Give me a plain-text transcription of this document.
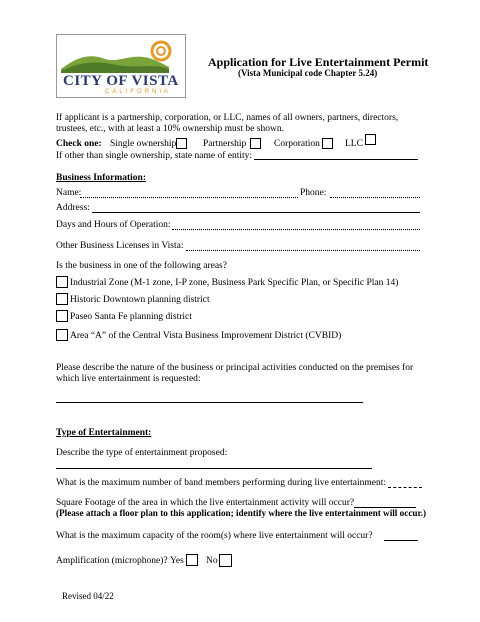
CITY OF VISTA
CALIFORNIA
Application for Live Entertainment Permit
(Vista Municipal code Chapter 5.24)
If applicant is a partnership, corporation, or LLC, names of all owners, partners, directors,
trustees, etc., with at least a 10% ownership must be shown.
Check one: Single ownership	Partnership	Corporation	LLC
If other than single ownership, state name of entity:
Business Information:
Name:	Phone:
Address:
Days and Hours of Operation:
Other Business Licenses in Vista:
Is the business in one of the following areas?
Industrial Zone (M-1 zone, I-P zone, Business Park Specific Plan, or Specific Plan 14)
Historic Downtown planning district
Paseo Santa Fe planning district
Area “A” of the Central Vista Business Improvement District (CVBID)
Please describe the nature of the business or principal activities conducted on the premises for
which live entertainment is requested:
Type of Entertainment:
Describe the type of entertainment proposed:
What is the maximum number of band members performing during live entertainment:
Square Footage of the area in which the live entertainment activity will occur?
(Please attach a floor plan to this application; identify where the live entertainment will occur.)
What is the maximum capacity of the room(s) where live entertainment will occur?
Amplification (microphone)? Yes No
Revised 04/22
